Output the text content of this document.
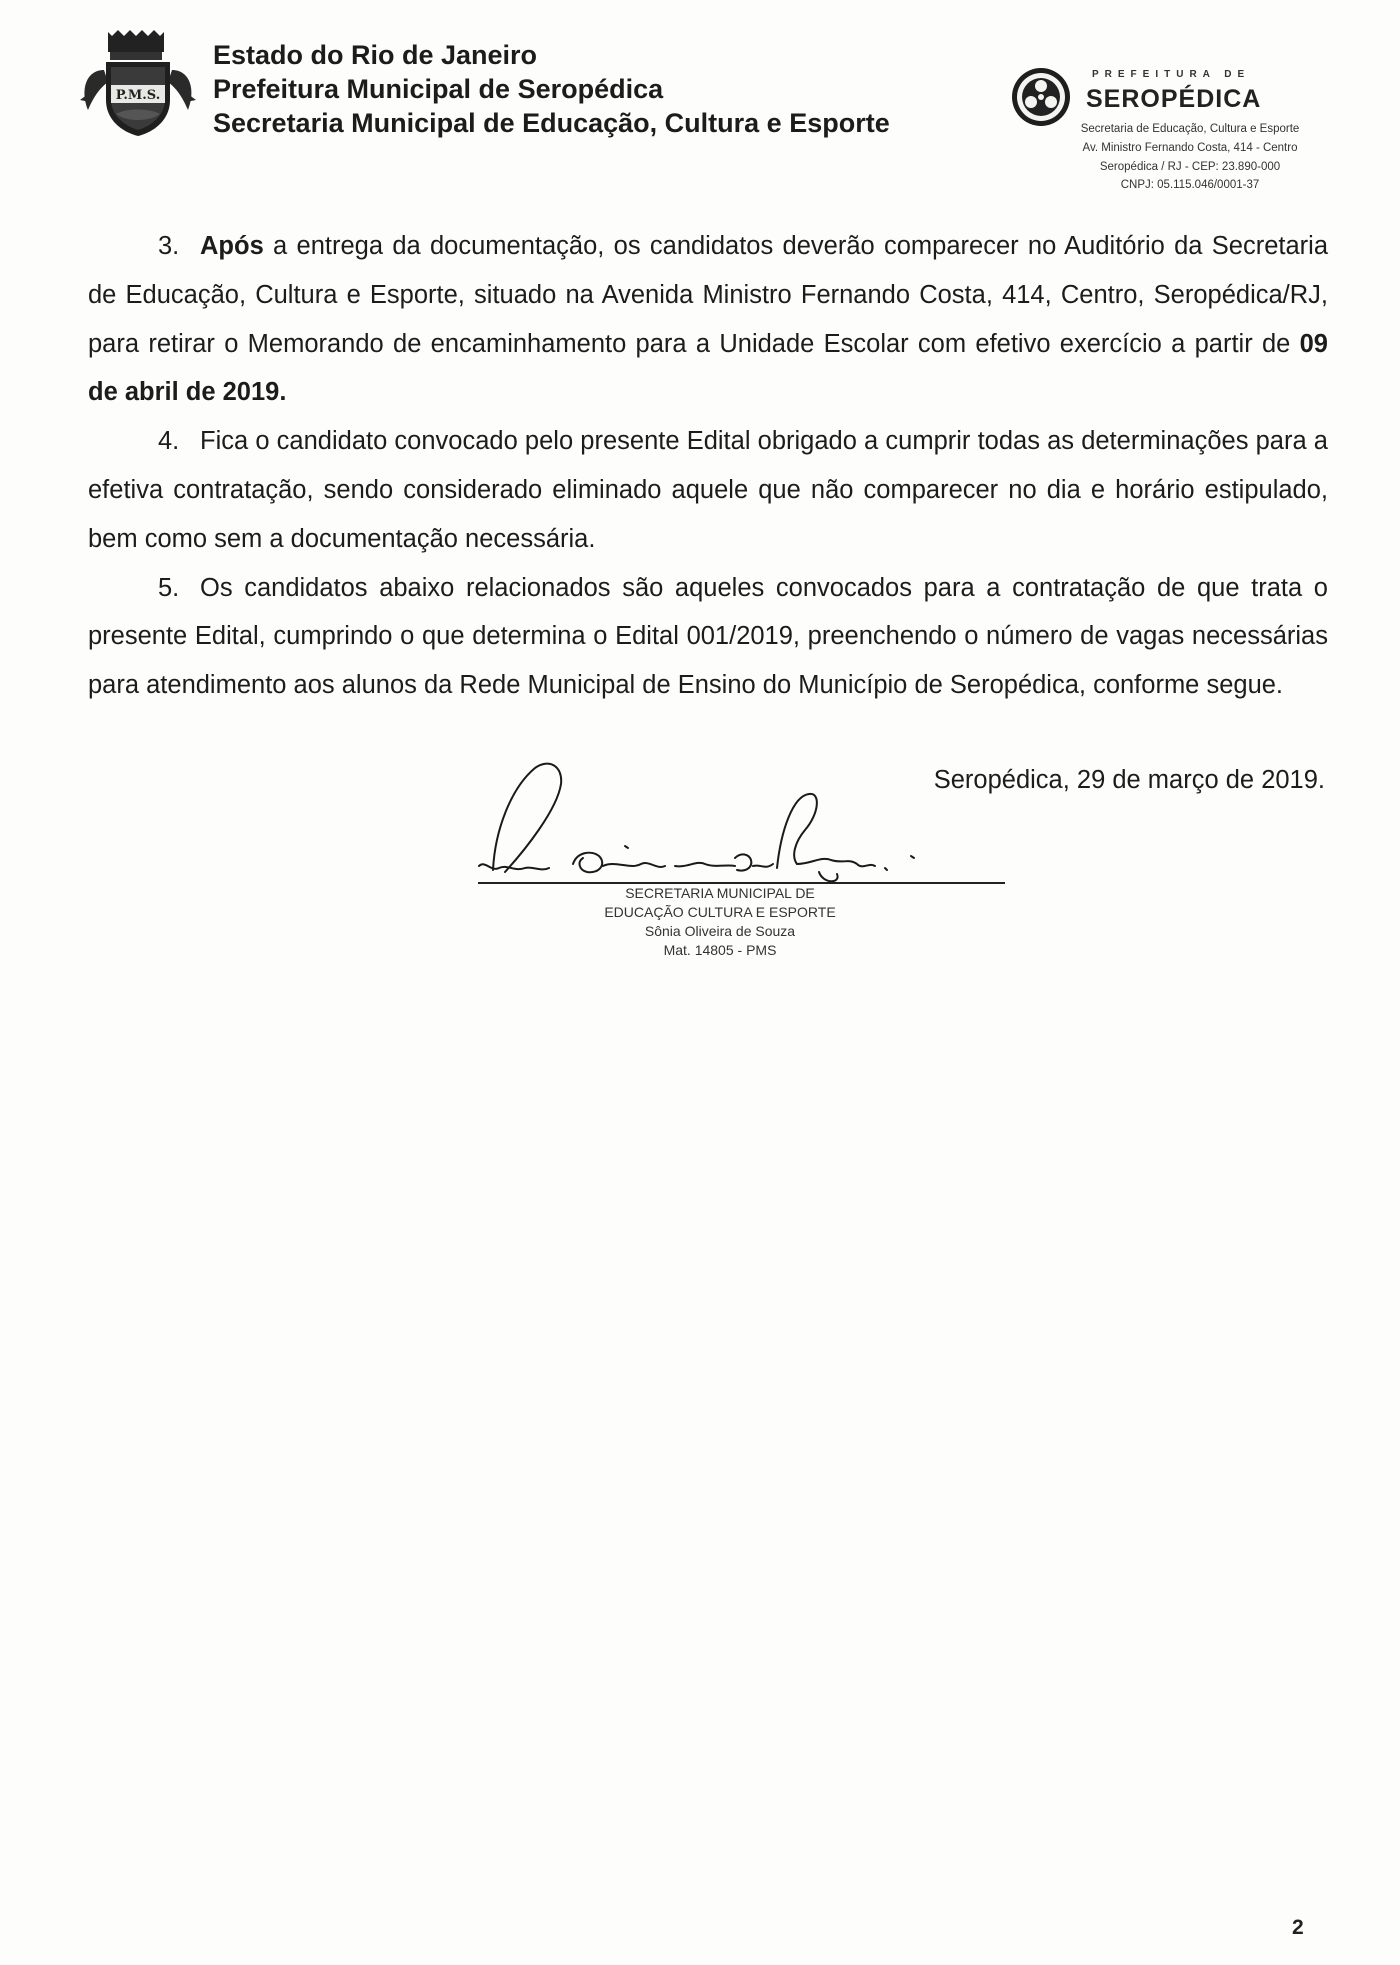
P.M.S.
Estado do Rio de Janeiro
Prefeitura Municipal de Seropédica
Secretaria Municipal de Educação, Cultura e Esporte
PREFEITURA DE
SEROPÉDICA
Secretaria de Educação, Cultura e Esporte
Av. Ministro Fernando Costa, 414 - Centro
Seropédica / RJ - CEP: 23.890-000
CNPJ: 05.115.046/0001-37

3. Após a entrega da documentação, os candidatos deverão comparecer no Auditório da Secretaria de Educação, Cultura e Esporte, situado na Avenida Ministro Fernando Costa, 414, Centro, Seropédica/RJ, para retirar o Memorando de encaminhamento para a Unidade Escolar com efetivo exercício a partir de 09 de abril de 2019.

4. Fica o candidato convocado pelo presente Edital obrigado a cumprir todas as determinações para a efetiva contratação, sendo considerado eliminado aquele que não comparecer no dia e horário estipulado, bem como sem a documentação necessária.

5. Os candidatos abaixo relacionados são aqueles convocados para a contratação de que trata o presente Edital, cumprindo o que determina o Edital 001/2019, preenchendo o número de vagas necessárias para atendimento aos alunos da Rede Municipal de Ensino do Município de Seropédica, conforme segue.

Seropédica, 29 de março de 2019.
SECRETARIA MUNICIPAL DE
EDUCAÇÃO CULTURA E ESPORTE
Sônia Oliveira de Souza
Mat. 14805 - PMS
2
